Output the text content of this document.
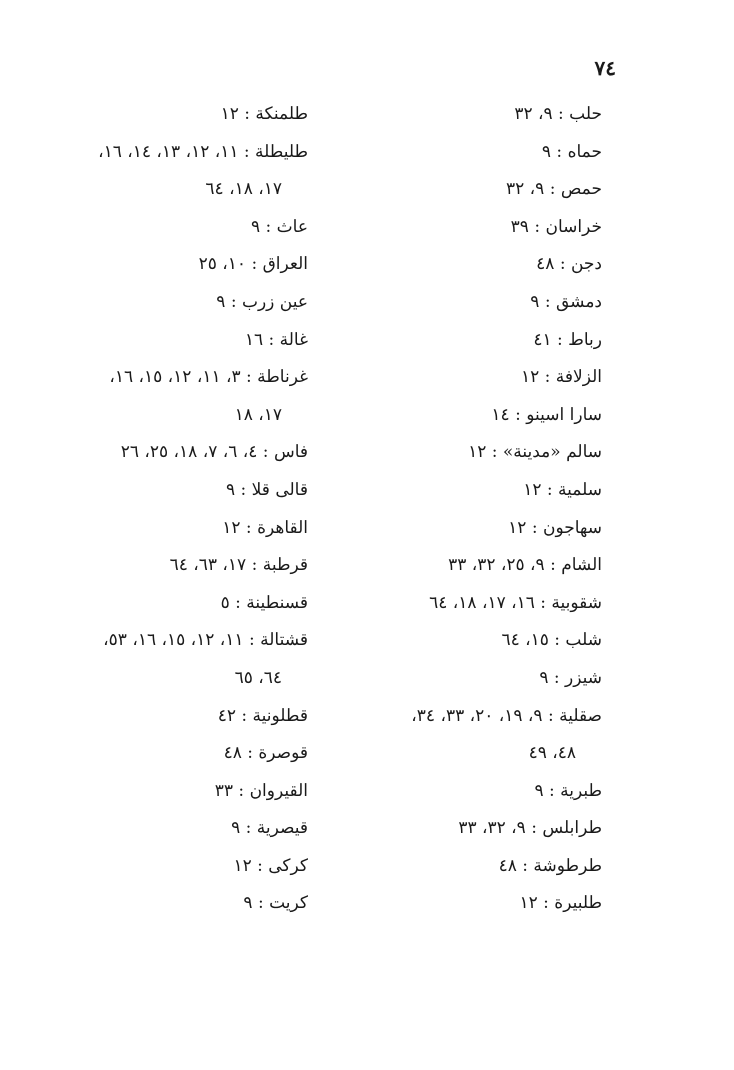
٧٤
حلب : ٩، ٣٢
حماه : ٩
حمص : ٩، ٣٢
خراسان : ٣٩
دجن : ٤٨
دمشق : ٩
رباط : ٤١
الزلافة : ١٢
سارا اسينو : ١٤
سالم «مدينة» : ١٢
سلمية : ١٢
سهاجون : ١٢
الشام : ٩، ٢٥، ٣٢، ٣٣
شقوبية : ١٦، ١٧، ١٨، ٦٤
شلب : ١٥، ٦٤
شيزر : ٩
صقلية : ٩، ١٩، ٢٠، ٣٣، ٣٤،
٤٨، ٤٩
طبرية : ٩
طرابلس : ٩، ٣٢، ٣٣
طرطوشة : ٤٨
طلبيرة : ١٢
طلمنكة : ١٢
طليطلة : ١١، ١٢، ١٣، ١٤، ١٦،
١٧، ١٨، ٦٤
عاث : ٩
العراق : ١٠، ٢٥
عين زرب : ٩
غالة : ١٦
غرناطة : ٣، ١١، ١٢، ١٥، ١٦،
١٧، ١٨
فاس : ٤، ٦، ٧، ١٨، ٢٥، ٢٦
قالى قلا : ٩
القاهرة : ١٢
قرطبة : ١٧، ٦٣، ٦٤
قسنطينة : ٥
قشتالة : ١١، ١٢، ١٥، ١٦، ٥٣،
٦٤، ٦٥
قطلونية : ٤٢
قوصرة : ٤٨
القيروان : ٣٣
قيصرية : ٩
كركى : ١٢
كريت : ٩
